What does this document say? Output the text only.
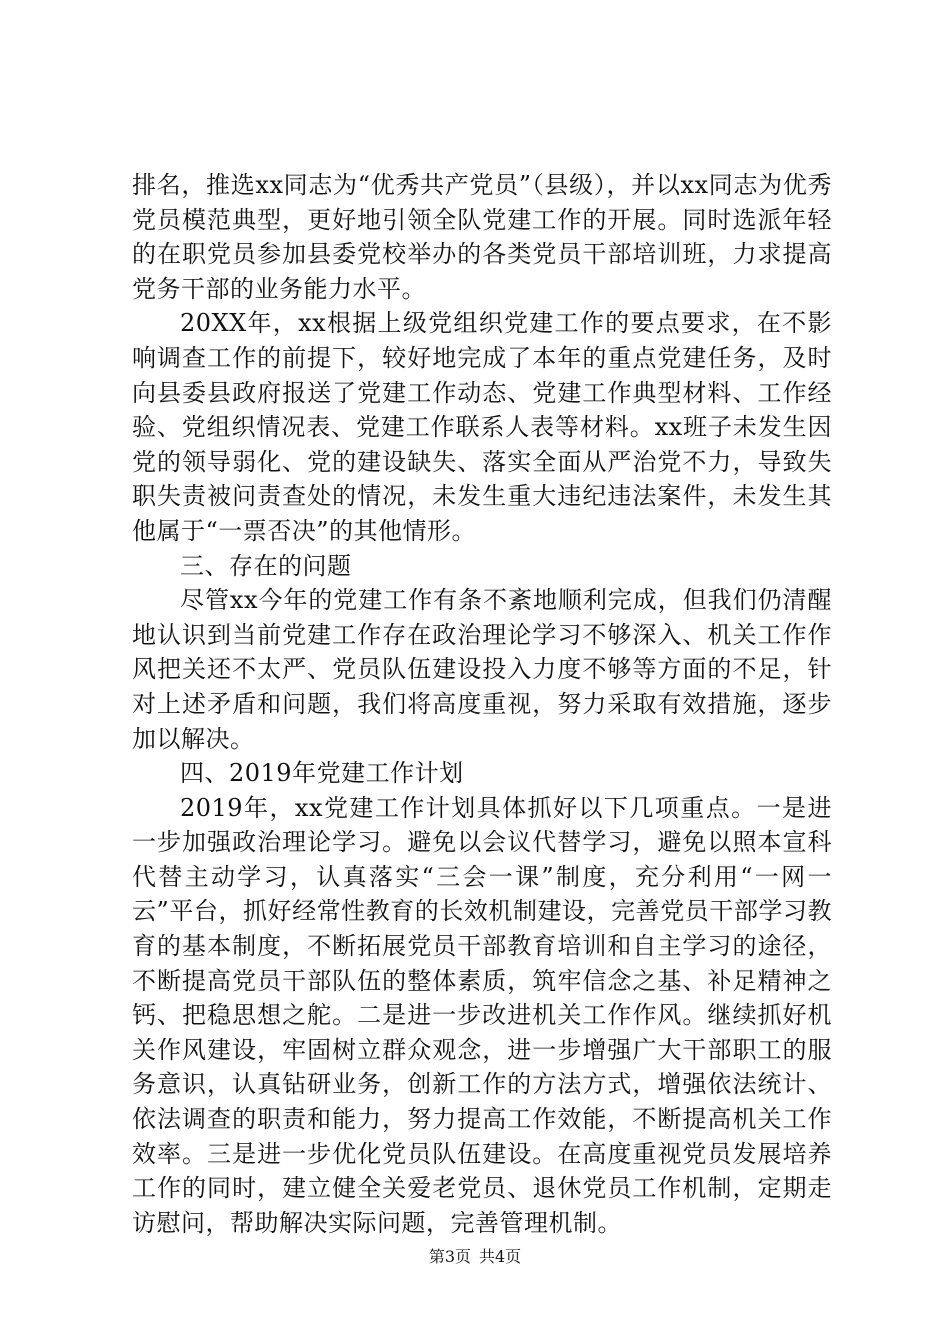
排名，推选xx同志为“优秀共产党员”（县级），并以xx同志为优秀党员模范典型，更好地引领全队党建工作的开展。同时选派年轻的在职党员参加县委党校举办的各类党员干部培训班，力求提高党务干部的业务能力水平。

20XX年，xx根据上级党组织党建工作的要点要求，在不影响调查工作的前提下，较好地完成了本年的重点党建任务，及时向县委县政府报送了党建工作动态、党建工作典型材料、工作经验、党组织情况表、党建工作联系人表等材料。xx班子未发生因党的领导弱化、党的建设缺失、落实全面从严治党不力，导致失职失责被问责查处的情况，未发生重大违纪违法案件，未发生其他属于“一票否决”的其他情形。

三、存在的问题

尽管xx今年的党建工作有条不紊地顺利完成，但我们仍清醒地认识到当前党建工作存在政治理论学习不够深入、机关工作作风把关还不太严、党员队伍建设投入力度不够等方面的不足，针对上述矛盾和问题，我们将高度重视，努力采取有效措施，逐步加以解决。

四、2019年党建工作计划

2019年，xx党建工作计划具体抓好以下几项重点。一是进一步加强政治理论学习。避免以会议代替学习，避免以照本宣科代替主动学习，认真落实“三会一课”制度，充分利用“一网一云”平台，抓好经常性教育的长效机制建设，完善党员干部学习教育的基本制度，不断拓展党员干部教育培训和自主学习的途径，不断提高党员干部队伍的整体素质，筑牢信念之基、补足精神之钙、把稳思想之舵。二是进一步改进机关工作作风。继续抓好机关作风建设，牢固树立群众观念，进一步增强广大干部职工的服务意识，认真钻研业务，创新工作的方法方式，增强依法统计、依法调查的职责和能力，努力提高工作效能，不断提高机关工作效率。三是进一步优化党员队伍建设。在高度重视党员发展培养工作的同时，建立健全关爱老党员、退休党员工作机制，定期走访慰问，帮助解决实际问题，完善管理机制。

第3页 共4页
